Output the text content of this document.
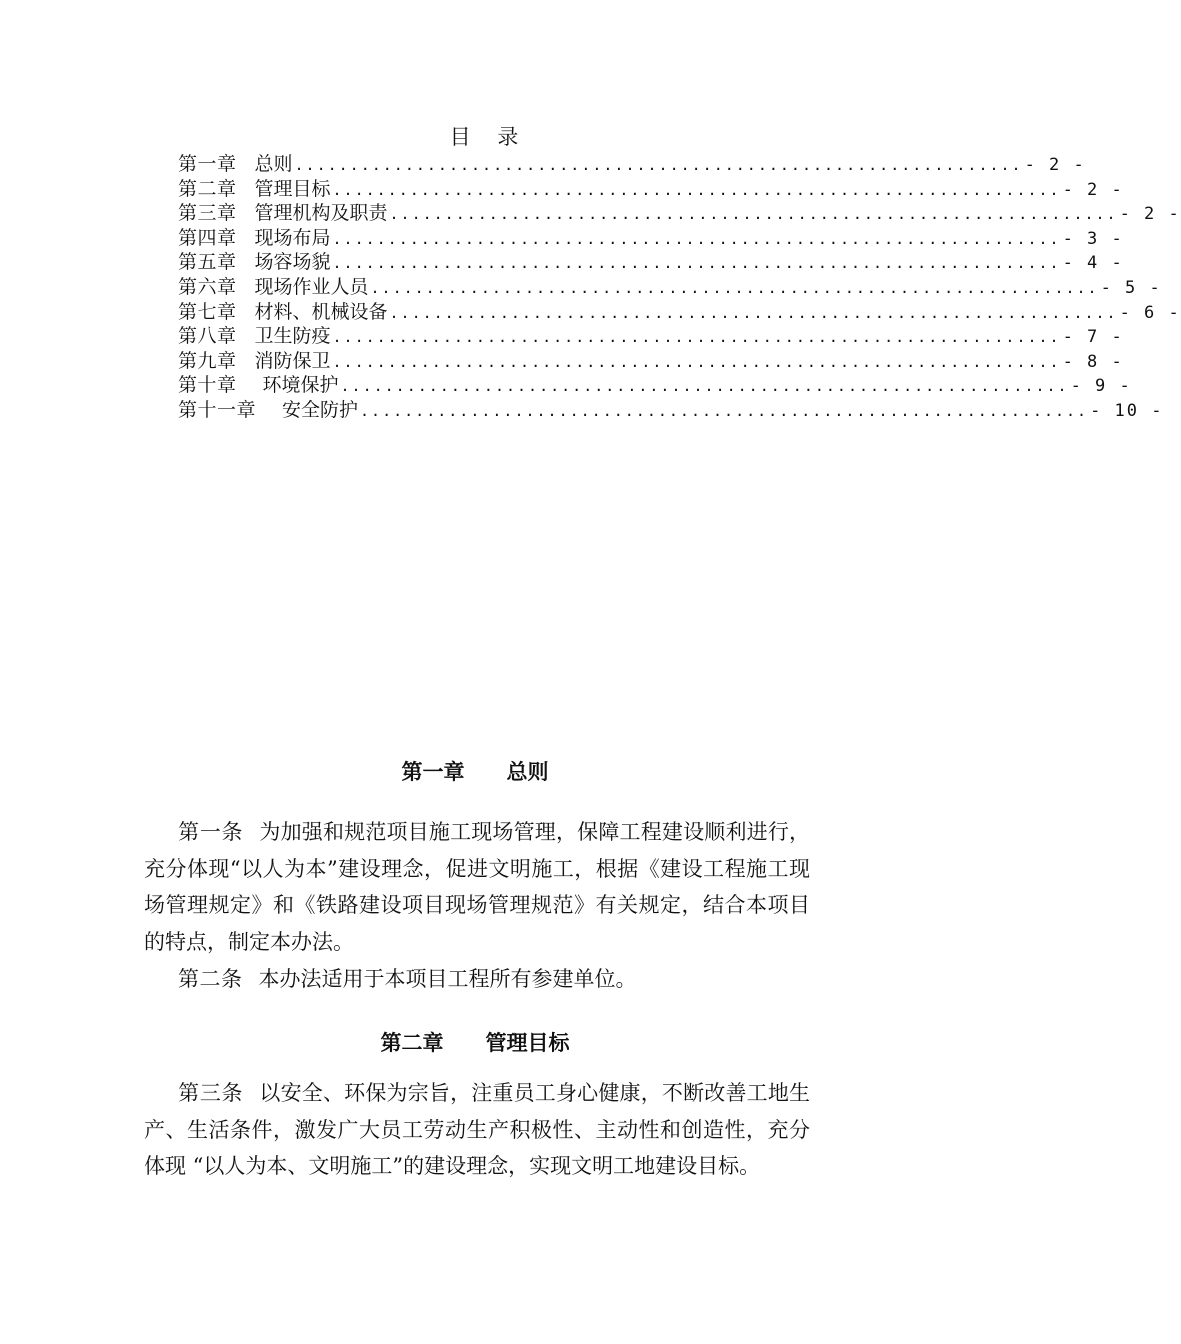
目 录
第一章 总则 .................................................................. - 2 -
第二章 管理目标 .................................................................. - 2 -
第三章 管理机构及职责 .................................................................. - 2 -
第四章 现场布局 .................................................................. - 3 -
第五章 场容场貌 .................................................................. - 4 -
第六章 现场作业人员 .................................................................. - 5 -
第七章 材料、机械设备 .................................................................. - 6 -
第八章 卫生防疫 .................................................................. - 7 -
第九章 消防保卫 .................................................................. - 8 -
第十章 环境保护 .................................................................. - 9 -
第十一章 安全防护 .................................................................. - 10 -
第一章 总则

第一条 为加强和规范项目施工现场管理，保障工程建设顺利进行，充分体现“以人为本”建设理念，促进文明施工，根据《建设工程施工现场管理规定》和《铁路建设项目现场管理规范》有关规定，结合本项目的特点，制定本办法。

第二条 本办法适用于本项目工程所有参建单位。

第二章 管理目标

第三条 以安全、环保为宗旨，注重员工身心健康，不断改善工地生产、生活条件，激发广大员工劳动生产积极性、主动性和创造性，充分体现 “以人为本、文明施工”的建设理念，实现文明工地建设目标。
